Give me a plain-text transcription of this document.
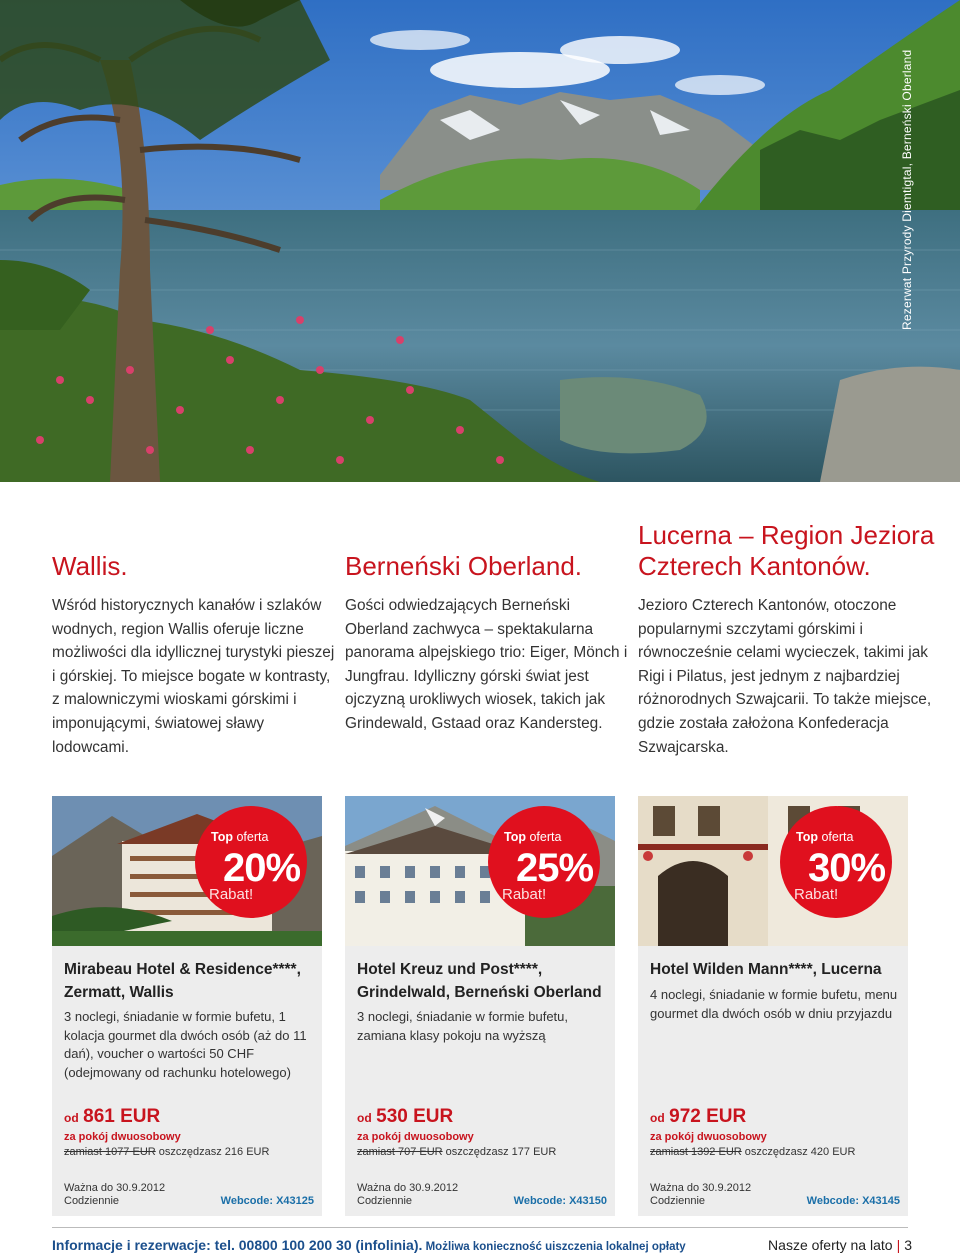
Rezerwat Przyrody Diemtigtal, Berneński Oberland
Wallis.

Wśród historycznych kanałów i szlaków wodnych, region Wallis oferuje liczne możliwości dla idyllicznej turystyki pieszej i górskiej. To miejsce bogate w kontrasty, z malowniczymi wioskami górskimi i imponującymi, światowej sławy lodowcami.

Berneński Oberland.

Gości odwiedzających Berneński Oberland zachwyca – spektakularna panorama alpejskiego trio: Eiger, Mönch i Jungfrau. Idylliczny górski świat jest ojczyzną urokliwych wiosek, takich jak Grindewald, Gstaad oraz Kandersteg.

Lucerna – Region Jeziora Czterech Kantonów.

Jezioro Czterech Kantonów, otoczone popularnymi szczytami górskimi i równocześnie celami wycieczek, takimi jak Rigi i Pilatus, jest jednym z najbardziej różnorodnych Szwajcarii. To także miejsce, gdzie została założona Konfederacja Szwajcarska.

Top oferta
20%
Rabat!
Top oferta
25%
Rabat!
Top oferta
30%
Rabat!
Mirabeau Hotel & Residence****, Zermatt, Wallis
3 noclegi, śniadanie w formie bufetu, 1 kolacja gourmet dla dwóch osób (aż do 11 dań), voucher o wartości 50 CHF (odejmowany od rachunku hotelowego)
od 861 EUR
za pokój dwuosobowy
zamiast 1077 EUR oszczędzasz 216 EUR
Ważna do 30.9.2012
Codziennie	Webcode: X43125
Hotel Kreuz und Post****, Grindelwald, Berneński Oberland
3 noclegi, śniadanie w formie bufetu, zamiana klasy pokoju na wyższą
od 530 EUR
za pokój dwuosobowy
zamiast 707 EUR oszczędzasz 177 EUR
Ważna do 30.9.2012
Codziennie	Webcode: X43150
Hotel Wilden Mann****, Lucerna
4 noclegi, śniadanie w formie bufetu, menu gourmet dla dwóch osób w dniu przyjazdu
od 972 EUR
za pokój dwuosobowy
zamiast 1392 EUR oszczędzasz 420 EUR
Ważna do 30.9.2012
Codziennie	Webcode: X43145
Informacje i rezerwacje: tel. 00800 100 200 30 (infolinia). Możliwa konieczność uiszczenia lokalnej opłaty	Nasze oferty na lato | 3
